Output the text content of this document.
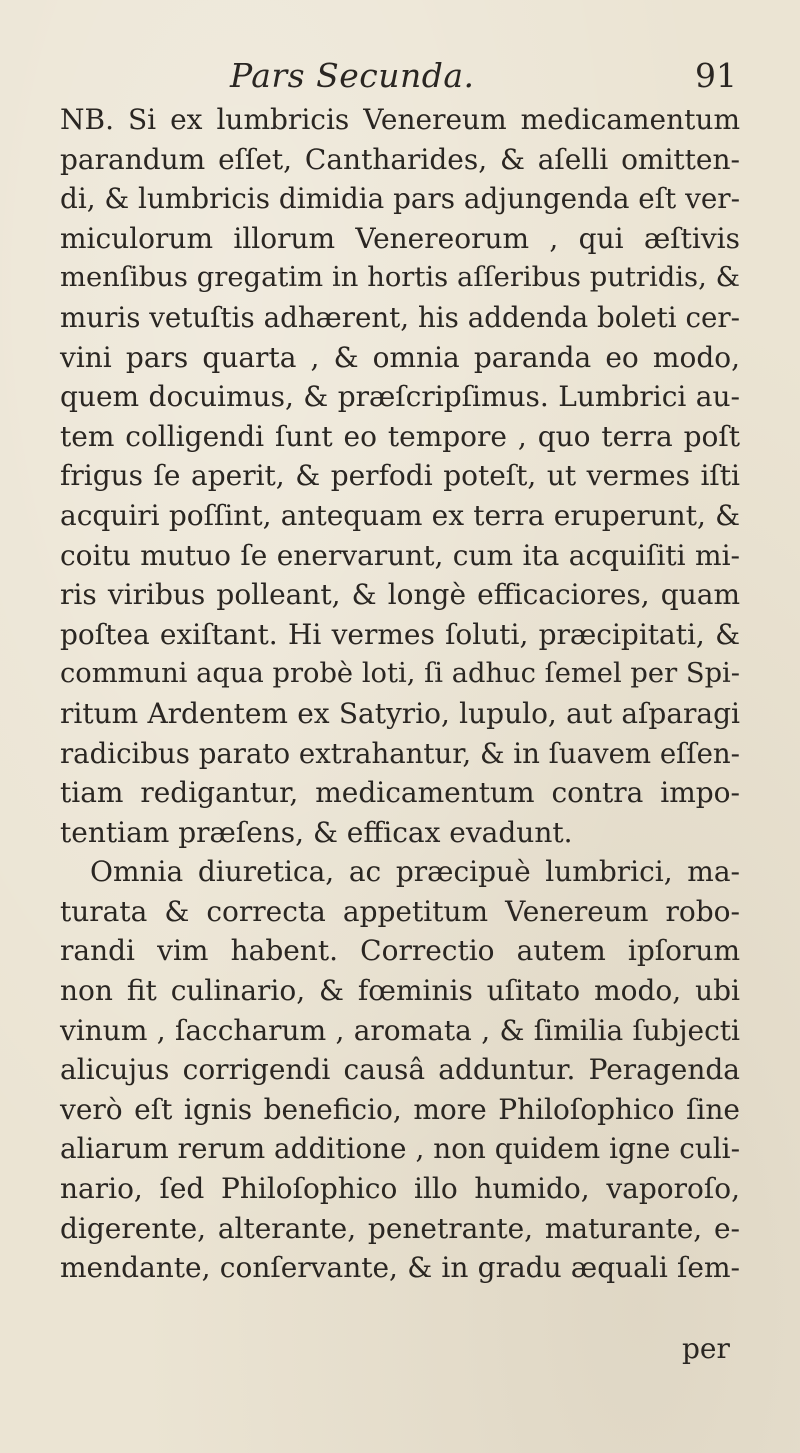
Pars Secunda.	91
NB. Si ex lumbricis Venereum medicamentum
parandum eſſet, Cantharides, & aſelli omitten-
di, & lumbricis dimidia pars adjungenda eſt ver-
miculorum illorum Venereorum , qui æſtivis
menſibus gregatim in hortis aſſeribus putridis, &
muris vetuſtis adhærent, his addenda boleti cer-
vini pars quarta , & omnia paranda eo modo,
quem docuimus, & præſcripſimus. Lumbrici au-
tem colligendi ſunt eo tempore , quo terra poſt
frigus ſe aperit, & perfodi poteſt, ut vermes iſti
acquiri poſſint, antequam ex terra eruperunt, &
coitu mutuo ſe enervarunt, cum ita acquiſiti mi-
ris viribus polleant, & longè efficaciores, quam
poſtea exiſtant. Hi vermes ſoluti, præcipitati, &
communi aqua probè loti, ſi adhuc ſemel per Spi-
ritum Ardentem ex Satyrio, lupulo, aut aſparagi
radicibus parato extrahantur, & in ſuavem eſſen-
tiam redigantur, medicamentum contra impo-
tentiam præſens, & efficax evadunt.
Omnia diuretica, ac præcipuè lumbrici, ma-
turata & correcta appetitum Venereum robo-
randi vim habent. Correctio autem ipſorum
non fit culinario, & fœminis uſitato modo, ubi
vinum , ſaccharum , aromata , & ſimilia ſubjecti
alicujus corrigendi causâ adduntur. Peragenda
verò eſt ignis beneficio, more Philoſophico ſine
aliarum rerum additione , non quidem igne culi-
nario, ſed Philoſophico illo humido, vaporoſo,
digerente, alterante, penetrante, maturante, e-
mendante, conſervante, & in gradu æquali ſem-
per
